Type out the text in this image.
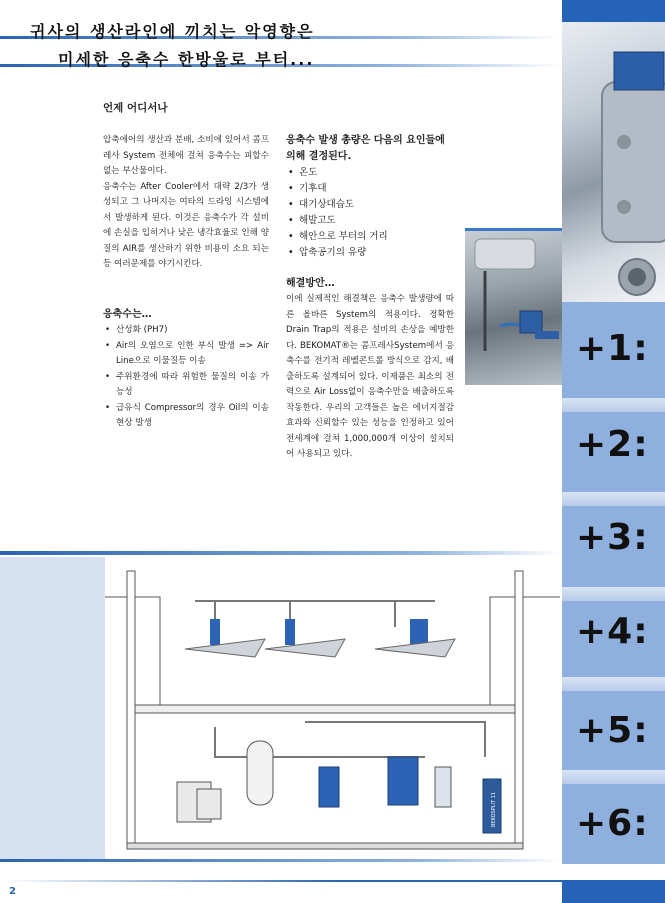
귀사의 생산라인에 끼치는 악영향은
미세한 응축수 한방울로 부터...
+1:
+2:
+3:
+4:
+5:
+6:
언제 어디서나
압축에어의 생산과 분배, 소비에 있어서 콤프레사 System 전체에 걸쳐 응축수는 피할수 없는 부산물이다.
응축수는 After Cooler에서 대략 2/3가 생성되고 그 나머지는 여타의 드라잉 시스템에서 발생하게 된다. 이것은 응축수가 각 설비에 손실을 입히거나 낮은 냉각효율로 인해 양질의 AIR를 생산하기 위한 비용이 소요 되는등 여러문제를 야기시킨다.
응축수는…
• 산성화 (PH7)
• Air의 오염으로 인한 부식 발생 => Air Line으로 이물질등 이송
• 주위환경에 따라 위험한 물질의 이송 가능성
• 급유식 Compressor의 경우 Oil의 이송현상 발생
응축수 발생 총량은 다음의 요인들에 의해 결정된다.
• 온도
• 기후대
• 대기상대습도
• 해발고도
• 해안으로 부터의 거리
• 압축공기의 유량
해결방안…
이에 실제적인 해결책은 응축수 발생량에 따른 올바른 System의 적용이다. 정확한 Drain Trap의 적용은 설비의 손상을 예방한다. BEKOMAT®는 콤프레사System에서 응축수를 전기적 레벨콘트롤 방식으로 감지, 배출하도록 설계되어 있다. 이제품은 최소의 전력으로 Air Loss없이 응축수만을 배출하도록 작동한다. 우리의 고객들은 높은 에너지절감 효과와 신뢰할수 있는 성능을 인정하고 있어 전세계에 걸쳐 1,000,000개 이상이 설치되어 사용되고 있다.
BEKOSPLIT 11
2
